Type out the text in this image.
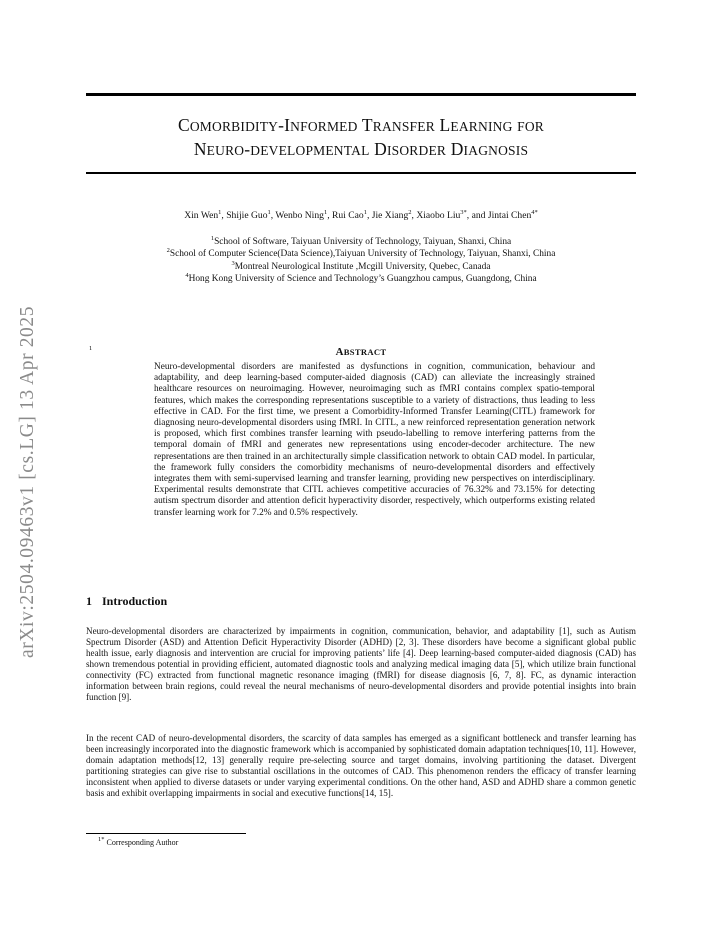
arXiv:2504.09463v1 [cs.LG] 13 Apr 2025
COMORBIDITY-INFORMED TRANSFER LEARNING FOR
NEURO-DEVELOPMENTAL DISORDER DIAGNOSIS
Xin Wen$^1$, Shijie Guo$^1$, Wenbo Ning$^1$, Rui Cao$^1$, Jie Xiang$^2$, Xiaobo Liu$^{3*}$, and Jintai Chen$^{4*}$
$^1$School of Software, Taiyuan University of Technology, Taiyuan, Shanxi, China
$^2$School of Computer Science(Data Science),Taiyuan University of Technology, Taiyuan, Shanxi, China
$^3$Montreal Neurological Institute ,Mcgill University, Quebec, Canada
$^4$Hong Kong University of Science and Technology’s Guangzhou campus, Guangdong, China
1	ABSTRACT
Neuro-developmental disorders are manifested as dysfunctions in cognition, communication, behaviour and adaptability, and deep learning-based computer-aided diagnosis (CAD) can alleviate the increasingly strained healthcare resources on neuroimaging. However, neuroimaging such as fMRI contains complex spatio-temporal features, which makes the corresponding representations susceptible to a variety of distractions, thus leading to less effective in CAD. For the first time, we present a Comorbidity-Informed Transfer Learning(CITL) framework for diagnosing neuro-developmental disorders using fMRI. In CITL, a new reinforced representation generation network is proposed, which first combines transfer learning with pseudo-labelling to remove interfering patterns from the temporal domain of fMRI and generates new representations using encoder-decoder architecture. The new representations are then trained in an architecturally simple classification network to obtain CAD model. In particular, the framework fully considers the comorbidity mechanisms of neuro-developmental disorders and effectively integrates them with semi-supervised learning and transfer learning, providing new perspectives on interdisciplinary. Experimental results demonstrate that CITL achieves competitive accuracies of 76.32% and 73.15% for detecting autism spectrum disorder and attention deficit hyperactivity disorder, respectively, which outperforms existing related transfer learning work for 7.2% and 0.5% respectively.
1 Introduction
Neuro-developmental disorders are characterized by impairments in cognition, communication, behavior, and adaptability [1], such as Autism Spectrum Disorder (ASD) and Attention Deficit Hyperactivity Disorder (ADHD) [2, 3]. These disorders have become a significant global public health issue, early diagnosis and intervention are crucial for improving patients’ life [4]. Deep learning-based computer-aided diagnosis (CAD) has shown tremendous potential in providing efficient, automated diagnostic tools and analyzing medical imaging data [5], which utilize brain functional connectivity (FC) extracted from functional magnetic resonance imaging (fMRI) for disease diagnosis [6, 7, 8]. FC, as dynamic interaction information between brain regions, could reveal the neural mechanisms of neuro-developmental disorders and provide potential insights into brain function [9].
In the recent CAD of neuro-developmental disorders, the scarcity of data samples has emerged as a significant bottleneck and transfer learning has been increasingly incorporated into the diagnostic framework which is accompanied by sophisticated domain adaptation techniques[10, 11]. However, domain adaptation methods[12, 13] generally require pre-selecting source and target domains, involving partitioning the dataset. Divergent partitioning strategies can give rise to substantial oscillations in the outcomes of CAD. This phenomenon renders the efficacy of transfer learning inconsistent when applied to diverse datasets or under varying experimental conditions. On the other hand, ASD and ADHD share a common genetic basis and exhibit overlapping impairments in social and executive functions[14, 15].
$^{1*}$ Corresponding Author
